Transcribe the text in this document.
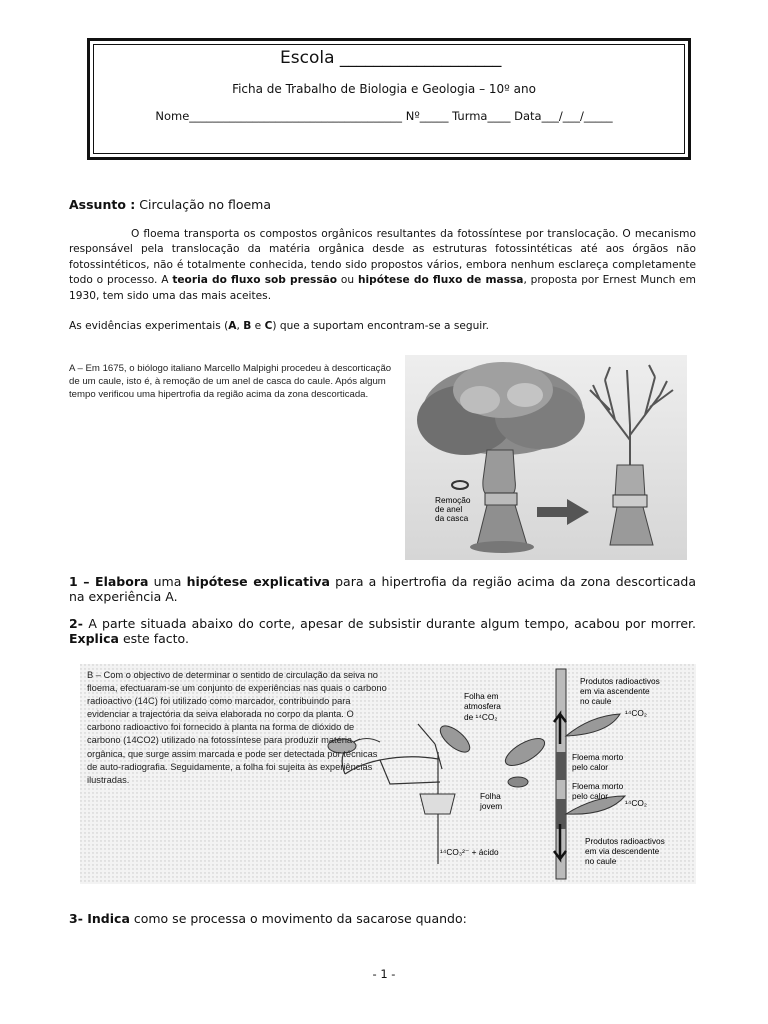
Escola ___________________
Ficha de Trabalho de Biologia e Geologia – 10º ano
Nome_____________________________________ Nº_____ Turma____ Data___/___/_____
Assunto : Circulação no floema
O floema transporta os compostos orgânicos resultantes da fotossíntese por translocação. O mecanismo responsável pela translocação da matéria orgânica desde as estruturas fotossintéticas até aos órgãos não fotossintéticos, não é totalmente conhecida, tendo sido propostos vários, embora nenhum esclareça completamente todo o processo. A teoria do fluxo sob pressão ou hipótese do fluxo de massa, proposta por Ernest Munch em 1930, tem sido uma das mais aceites.
As evidências experimentais (A, B e C) que a suportam encontram-se a seguir.
A – Em 1675, o biólogo italiano Marcello Malpighi procedeu à descorticação de um caule, isto é, à remoção de um anel de casca do caule. Após algum tempo verificou uma hipertrofia da região acima da zona descorticada.
Remoção
de anel
da casca
1 – Elabora uma hipótese explicativa para a hipertrofia da região acima da zona descorticada na experiência A.
2- A parte situada abaixo do corte, apesar de subsistir durante algum tempo, acabou por morrer. Explica este facto.
Folha em
atmosfera
de ¹⁴CO₂
Folha
jovem
¹⁴CO₃²⁻ + ácido
Produtos radioactivos
em via ascendente
no caule
¹⁴CO₂
Floema morto
pelo calor
Floema morto
pelo calor
¹⁴CO₂
Produtos radioactivos
em via descendente
no caule
B – Com o objectivo de determinar o sentido de circulação da seiva no floema, efectuaram-se um conjunto de experiências nas quais o carbono radioactivo (14C) foi utilizado como marcador, contribuindo para evidenciar a trajectória da seiva elaborada no corpo da planta. O carbono radioactivo foi fornecido à planta na forma de dióxido de carbono (14CO2) utilizado na fotossíntese para produzir matéria orgânica, que surge assim marcada e pode ser detectada por técnicas de auto-radiografia. Seguidamente, a folha foi sujeita às experiências ilustradas.
3- Indica como se processa o movimento da sacarose quando:
- 1 -
